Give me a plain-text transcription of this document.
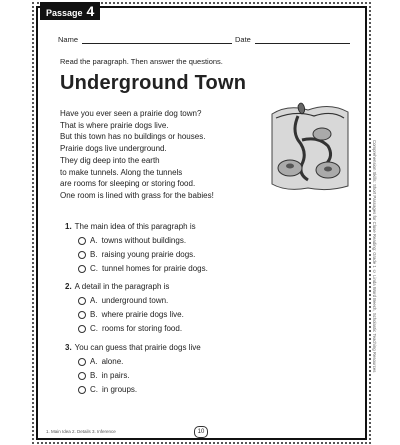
Passage 4
Name	Date
Read the paragraph. Then answer the questions.
Underground Town
Have you ever seen a prairie dog town?
That is where prairie dogs live.
But this town has no buildings or houses.
Prairie dogs live underground.
They dig deep into the earth
to make tunnels. Along the tunnels
are rooms for sleeping or storing food.
One room is lined with grass for the babies!
1. The main idea of this paragraph is
A. towns without buildings.
B. raising young prairie dogs.
C. tunnel homes for prairie dogs.
2. A detail in the paragraph is
A. underground town.
B. where prairie dogs live.
C. rooms for storing food.
3. You can guess that prairie dogs live
A. alone.
B. in pairs.
C. in groups.
1. Main Idea 2. Details 3. Inference	10
Comprehension Skills: Short Passages for Close Reading: Grade 1 © Linda Ward Beech, Scholastic Teaching Resources
